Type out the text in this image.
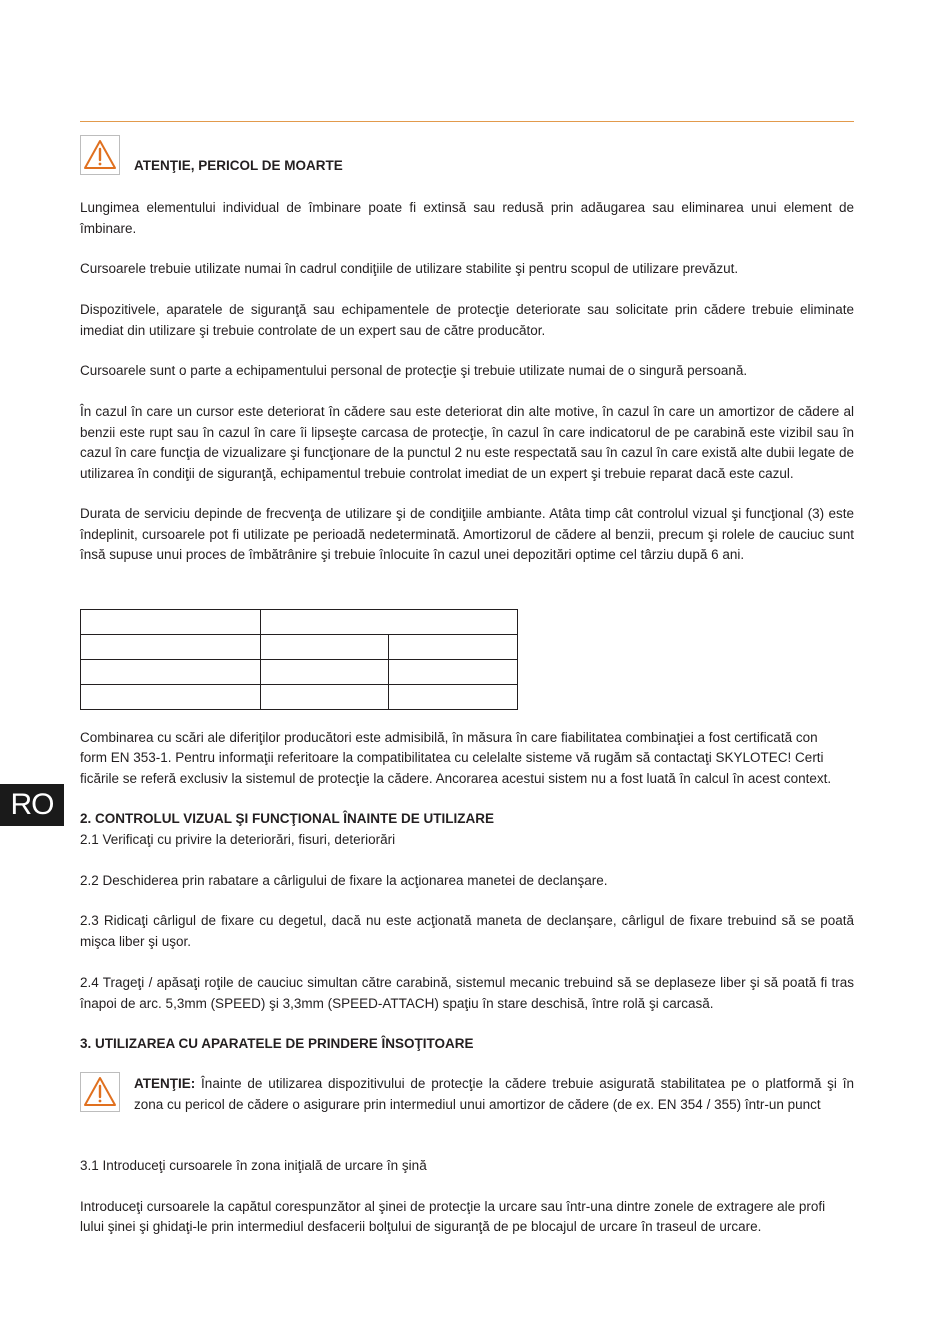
ATENŢIE, PERICOL DE MOARTE

Lungimea elementului individual de îmbinare poate fi extinsă sau redusă prin adăugarea sau eliminarea unui element de îmbinare.

Cursoarele trebuie utilizate numai în cadrul condiţiile de utilizare stabilite şi pentru scopul de utilizare prevăzut.

Dispozitivele, aparatele de siguranţă sau echipamentele de protecţie deteriorate sau solicitate prin cădere trebuie eliminate imediat din utilizare şi trebuie controlate de un expert sau de către producător.

Cursoarele sunt o parte a echipamentului personal de protecţie şi trebuie utilizate numai de o singură persoană.

În cazul în care un cursor este deteriorat în cădere sau este deteriorat din alte motive, în cazul în care un amortizor de cădere al benzii este rupt sau în cazul în care îi lipseşte carcasa de protecţie, în cazul în care indicatorul de pe carabină este vizibil sau în cazul în care funcţia de vizualizare şi funcţionare de la punctul 2 nu este respectată sau în cazul în care există alte dubii legate de utilizarea în condiţii de siguranţă, echipamentul trebuie controlat imediat de un expert şi trebuie reparat dacă este cazul.

Durata de serviciu depinde de frecvenţa de utilizare şi de condiţiile ambiante. Atâta timp cât controlul vizual şi funcţional (3) este îndeplinit, cursoarele pot fi utilizate pe perioadă nedeterminată. Amortizorul de cădere al benzii, precum şi rolele de cauciuc sunt însă supuse unui proces de îmbătrânire şi trebuie înlocuite în cazul unei depozitări optime cel târziu după 6 ani.

Combinarea cu scări ale diferiţilor producători este admisibilă, în măsura în care fiabilitatea combinaţiei a fost certificată con

form EN 353-1. Pentru informaţii referitoare la compatibilitatea cu celelalte sisteme vă rugăm să contactaţi SKYLOTEC! Certi

ficările se referă exclusiv la sistemul de protecţie la cădere. Ancorarea acestui sistem nu a fost luată în calcul în acest context.

RO	2. CONTROLUL VIZUAL ŞI FUNCŢIONAL ÎNAINTE DE UTILIZARE

2.1 Verificaţi cu privire la deteriorări, fisuri, deteriorări

2.2 Deschiderea prin rabatare a cârligului de fixare la acţionarea manetei de declanşare.

2.3 Ridicaţi cârligul de fixare cu degetul, dacă nu este acţionată maneta de declanşare, cârligul de fixare trebuind să se poată mişca liber şi uşor.

2.4 Trageţi / apăsaţi roţile de cauciuc simultan către carabină, sistemul mecanic trebuind să se deplaseze liber şi să poată fi tras înapoi de arc. 5,3mm (SPEED) şi 3,3mm (SPEED-ATTACH) spaţiu în stare deschisă, între rolă şi carcasă.

3. UTILIZAREA CU APARATELE DE PRINDERE ÎNSOŢITOARE

ATENŢIE: Înainte de utilizarea dispozitivului de protecţie la cădere trebuie asigurată stabilitatea pe o platformă şi în zona cu pericol de cădere o asigurare prin intermediul unui amortizor de cădere (de ex. EN 354 / 355) într-un punct

3.1 Introduceţi cursoarele în zona iniţială de urcare în şină

Introduceţi cursoarele la capătul corespunzător al şinei de protecţie la urcare sau într-una dintre zonele de extragere ale profi

lului şinei şi ghidaţi-le prin intermediul desfacerii bolţului de siguranţă de pe blocajul de urcare în traseul de urcare.
